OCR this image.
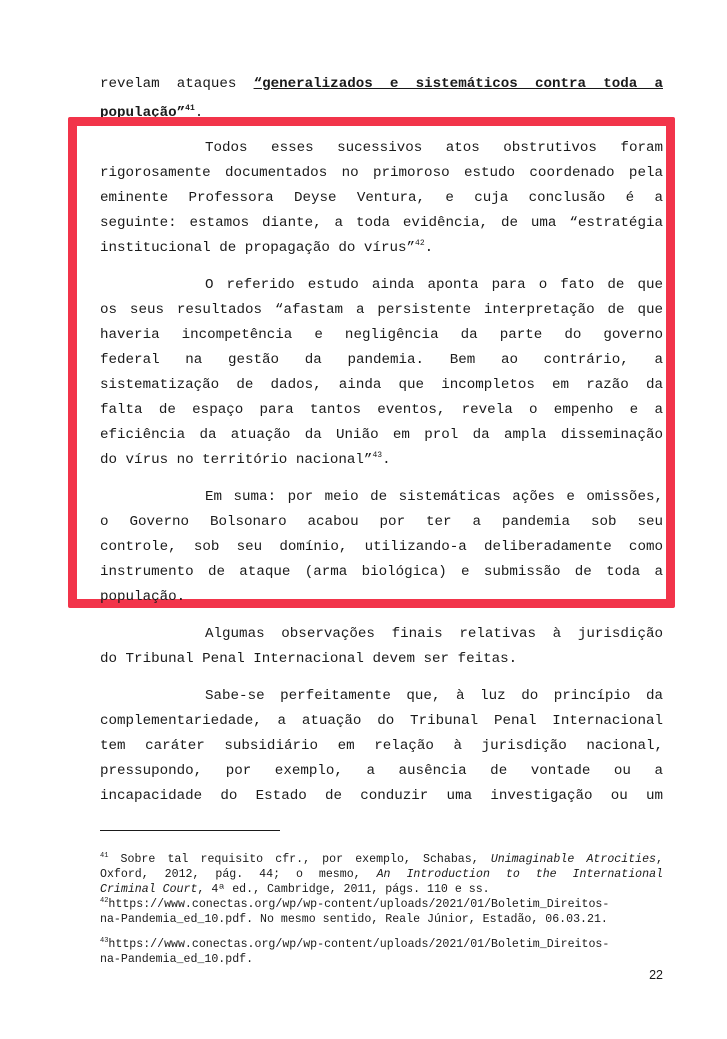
revelam ataques “generalizados e sistemáticos contra toda a
população”$^{41}$.
Todos esses sucessivos atos obstrutivos foram
rigorosamente documentados no primoroso estudo coordenado pela
eminente Professora Deyse Ventura, e cuja conclusão é a
seguinte: estamos diante, a toda evidência, de uma “estratégia
institucional de propagação do vírus”$^{42}$.
O referido estudo ainda aponta para o fato de que
os seus resultados “afastam a persistente interpretação de que
haveria incompetência e negligência da parte do governo
federal na gestão da pandemia. Bem ao contrário, a
sistematização de dados, ainda que incompletos em razão da
falta de espaço para tantos eventos, revela o empenho e a
eficiência da atuação da União em prol da ampla disseminação
do vírus no território nacional”$^{43}$.
Em suma: por meio de sistemáticas ações e omissões,
o Governo Bolsonaro acabou por ter a pandemia sob seu
controle, sob seu domínio, utilizando-a deliberadamente como
instrumento de ataque (arma biológica) e submissão de toda a
população.
Algumas observações finais relativas à jurisdição
do Tribunal Penal Internacional devem ser feitas.
Sabe-se perfeitamente que, à luz do princípio da
complementariedade, a atuação do Tribunal Penal Internacional
tem caráter subsidiário em relação à jurisdição nacional,
pressupondo, por exemplo, a ausência de vontade ou a
incapacidade do Estado de conduzir uma investigação ou um
$^{41}$ Sobre tal requisito cfr., por exemplo, Schabas, Unimaginable Atrocities,
Oxford, 2012, pág. 44; o mesmo, An Introduction to the International
Criminal Court, 4ª ed., Cambridge, 2011, págs. 110 e ss.
$^{42}$https://www.conectas.org/wp/wp-content/uploads/2021/01/Boletim_Direitos-
na-Pandemia_ed_10.pdf. No mesmo sentido, Reale Júnior, Estadão, 06.03.21.
$^{43}$https://www.conectas.org/wp/wp-content/uploads/2021/01/Boletim_Direitos-
na-Pandemia_ed_10.pdf.
22
